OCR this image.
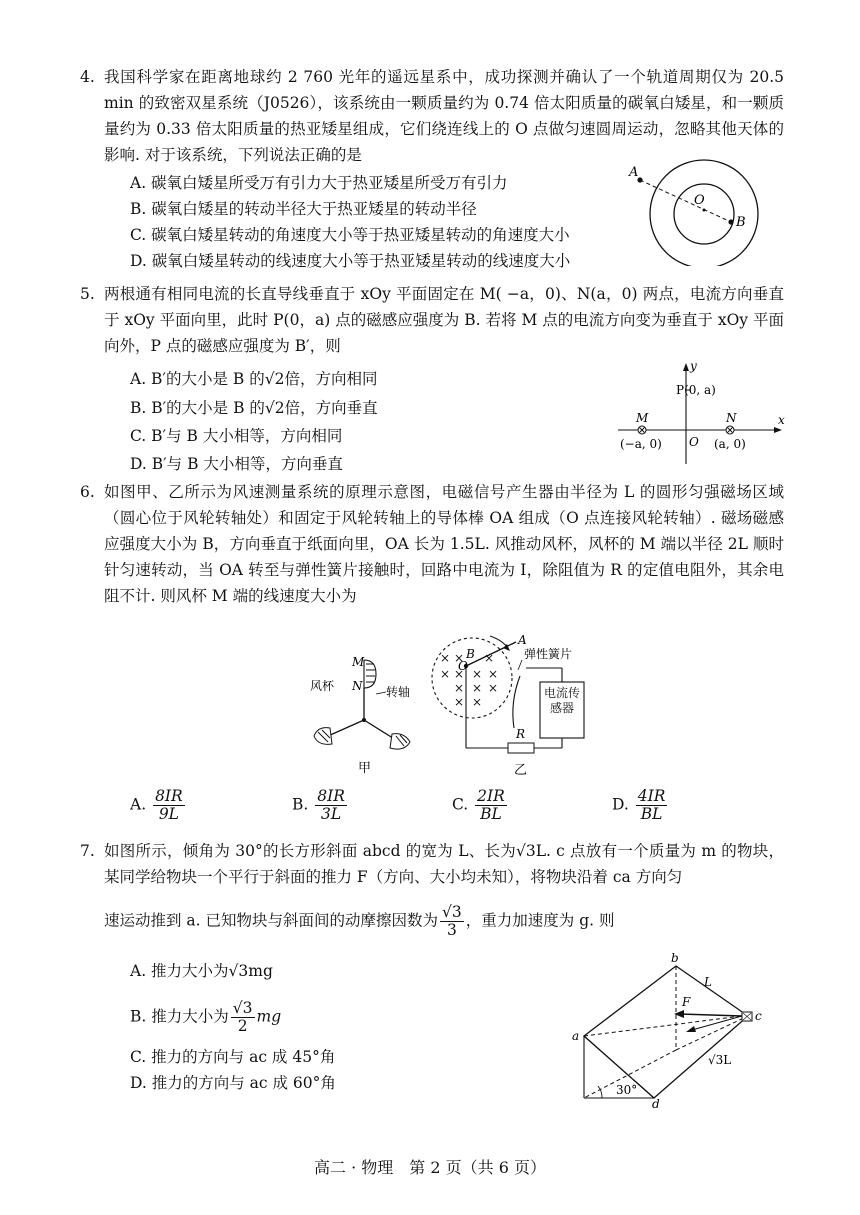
4. 我国科学家在距离地球约 2 760 光年的遥远星系中，成功探测并确认了一个轨道周期仅为 20.5 min 的致密双星系统（J0526），该系统由一颗质量约为 0.74 倍太阳质量的碳氧白矮星，和一颗质量约为 0.33 倍太阳质量的热亚矮星组成，它们绕连线上的 O 点做匀速圆周运动，忽略其他天体的影响. 对于该系统，下列说法正确的是
A. 碳氧白矮星所受万有引力大于热亚矮星所受万有引力
B. 碳氧白矮星的转动半径大于热亚矮星的转动半径
C. 碳氧白矮星转动的角速度大小等于热亚矮星转动的角速度大小
D. 碳氧白矮星转动的线速度大小等于热亚矮星转动的线速度大小
A
O
B
5. 两根通有相同电流的长直导线垂直于 xOy 平面固定在 M( −a，0)、N(a，0) 两点，电流方向垂直于 xOy 平面向里，此时 P(0，a) 点的磁感应强度为 B. 若将 M 点的电流方向变为垂直于 xOy 平面向外，P 点的磁感应强度为 B′，则
A. B′的大小是 B 的√2倍，方向相同
B. B′的大小是 B 的√2倍，方向垂直
C. B′与 B 大小相等，方向相同
D. B′与 B 大小相等，方向垂直
y
x
P(0, a)
M	N
(−a, 0) O (a, 0)
6. 如图甲、乙所示为风速测量系统的原理示意图，电磁信号产生器由半径为 L 的圆形匀强磁场区域（圆心位于风轮转轴处）和固定于风轮转轴上的导体棒 OA 组成（O 点连接风轮转轴）. 磁场磁感应强度大小为 B，方向垂直于纸面向里，OA 长为 1.5L. 风推动风杯，风杯的 M 端以半径 2L 顺时针匀速转动，当 OA 转至与弹性簧片接触时，回路中电流为 I，除阻值为 R 的定值电阻外，其余电阻不计. 则风杯 M 端的线速度大小为
M
风杯 N 转轴
甲
× × ×
× × × ×
× × ×
× ×
电流传感器
A
B
O
弹性簧片
R
乙
A. $\frac{8IR}{9L}$	B. $\frac{8IR}{3L}$	C. $\frac{2IR}{BL}$	D. $\frac{4IR}{BL}$
7. 如图所示，倾角为 30°的长方形斜面 abcd 的宽为 L、长为√3L. c 点放有一个质量为 m 的物块，某同学给物块一个平行于斜面的推力 F（方向、大小均未知），将物块沿着 ca 方向匀
速运动推到 a. 已知物块与斜面间的动摩擦因数为 $\frac{√3}{3}$ ，重力加速度为 g. 则
A. 推力大小为√3mg
B. 推力大小为 $\frac{√3}{2}$ mg
C. 推力的方向与 ac 成 45°角
D. 推力的方向与 ac 成 60°角
b
L
F
c
a
√3L
30°
d
高二 · 物理　第 2 页（共 6 页）
